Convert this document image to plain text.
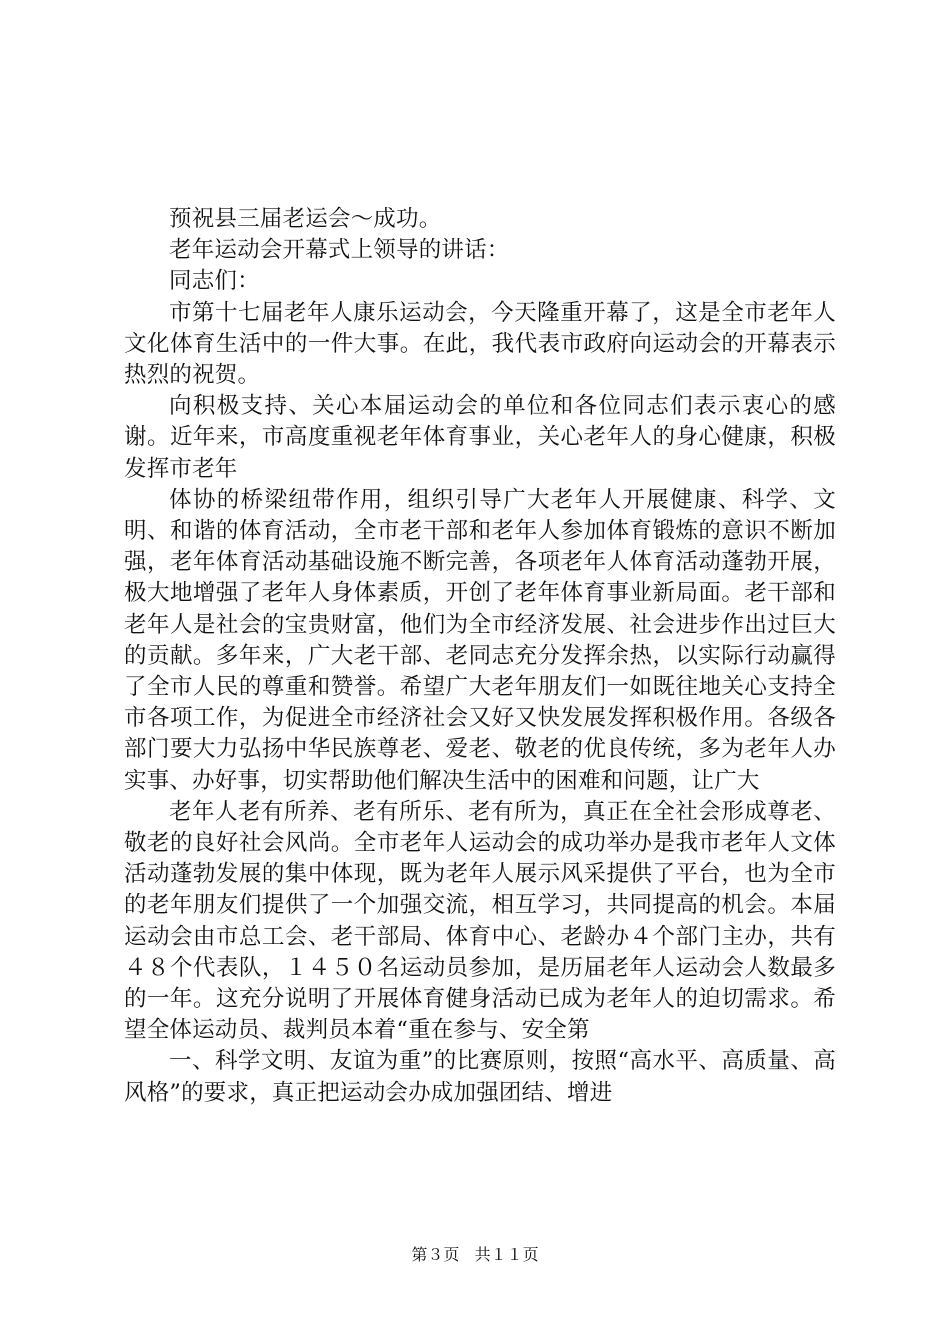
预祝县三届老运会～成功。

老年运动会开幕式上领导的讲话：

同志们：

市第十七届老年人康乐运动会，今天隆重开幕了，这是全市老年人文化体育生活中的一件大事。在此，我代表市政府向运动会的开幕表示热烈的祝贺。

向积极支持、关心本届运动会的单位和各位同志们表示衷心的感谢。近年来，市高度重视老年体育事业，关心老年人的身心健康，积极发挥市老年

体协的桥梁纽带作用，组织引导广大老年人开展健康、科学、文明、和谐的体育活动，全市老干部和老年人参加体育锻炼的意识不断加强，老年体育活动基础设施不断完善，各项老年人体育活动蓬勃开展，极大地增强了老年人身体素质，开创了老年体育事业新局面。老干部和老年人是社会的宝贵财富，他们为全市经济发展、社会进步作出过巨大的贡献。多年来，广大老干部、老同志充分发挥余热，以实际行动赢得了全市人民的尊重和赞誉。希望广大老年朋友们一如既往地关心支持全市各项工作，为促进全市经济社会又好又快发展发挥积极作用。各级各部门要大力弘扬中华民族尊老、爱老、敬老的优良传统，多为老年人办实事、办好事，切实帮助他们解决生活中的困难和问题，让广大

老年人老有所养、老有所乐、老有所为，真正在全社会形成尊老、敬老的良好社会风尚。全市老年人运动会的成功举办是我市老年人文体活动蓬勃发展的集中体现，既为老年人展示风采提供了平台，也为全市的老年朋友们提供了一个加强交流，相互学习，共同提高的机会。本届运动会由市总工会、老干部局、体育中心、老龄办４个部门主办，共有４８个代表队，１４５０名运动员参加，是历届老年人运动会人数最多的一年。这充分说明了开展体育健身活动已成为老年人的迫切需求。希望全体运动员、裁判员本着“重在参与、安全第

一、科学文明、友谊为重”的比赛原则，按照“高水平、高质量、高风格”的要求，真正把运动会办成加强团结、增进

第３页 共１１页
